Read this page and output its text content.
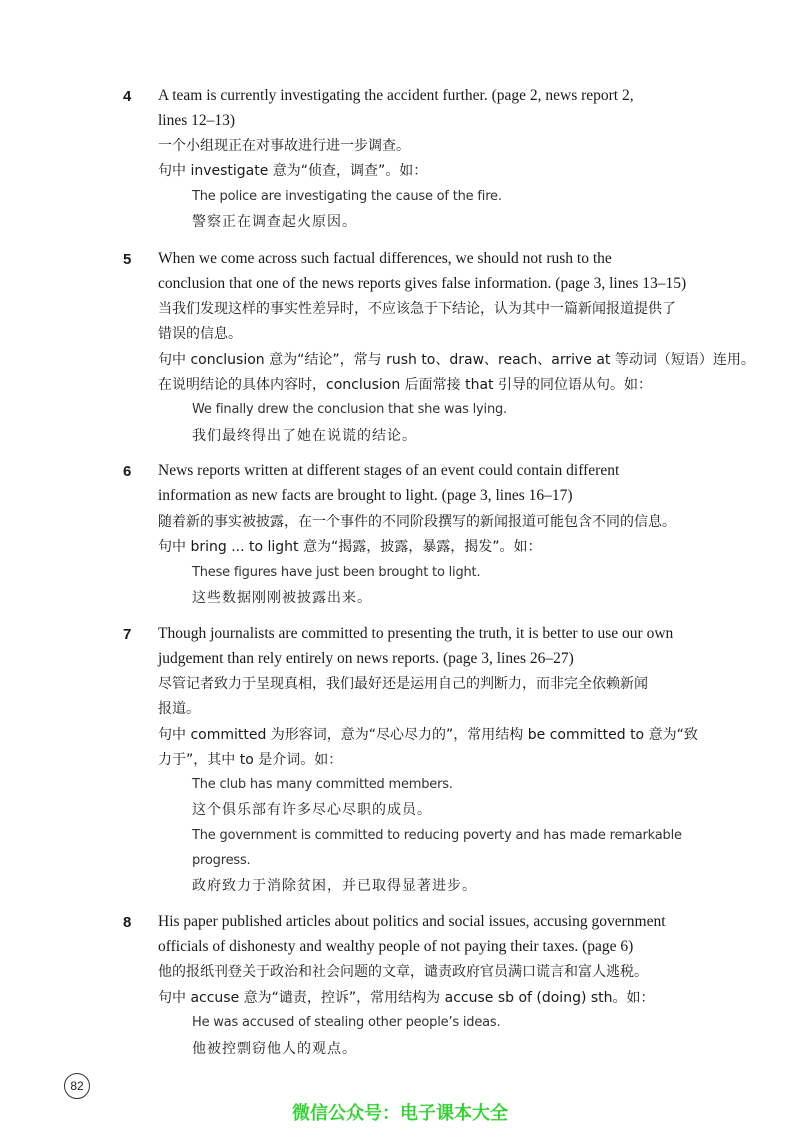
4 A team is currently investigating the accident further. (page 2, news report 2,
lines 12–13)
一个小组现正在对事故进行进一步调查。
句中 investigate 意为“侦查，调查”。如：
The police are investigating the cause of the fire.
警察正在调查起火原因。
5 When we come across such factual differences, we should not rush to the
conclusion that one of the news reports gives false information. (page 3, lines 13–15)
当我们发现这样的事实性差异时，不应该急于下结论，认为其中一篇新闻报道提供了
错误的信息。
句中 conclusion 意为“结论”，常与 rush to、draw、reach、arrive at 等动词（短语）连用。
在说明结论的具体内容时，conclusion 后面常接 that 引导的同位语从句。如：
We finally drew the conclusion that she was lying.
我们最终得出了她在说谎的结论。
6 News reports written at different stages of an event could contain different
information as new facts are brought to light. (page 3, lines 16–17)
随着新的事实被披露，在一个事件的不同阶段撰写的新闻报道可能包含不同的信息。
句中 bring ... to light 意为“揭露，披露，暴露，揭发”。如：
These figures have just been brought to light.
这些数据刚刚被披露出来。
7 Though journalists are committed to presenting the truth, it is better to use our own
judgement than rely entirely on news reports. (page 3, lines 26–27)
尽管记者致力于呈现真相，我们最好还是运用自己的判断力，而非完全依赖新闻
报道。
句中 committed 为形容词，意为“尽心尽力的”，常用结构 be committed to 意为“致
力于”，其中 to 是介词。如：
The club has many committed members.
这个俱乐部有许多尽心尽职的成员。
The government is committed to reducing poverty and has made remarkable
progress.
政府致力于消除贫困，并已取得显著进步。
8 His paper published articles about politics and social issues, accusing government
officials of dishonesty and wealthy people of not paying their taxes. (page 6)
他的报纸刊登关于政治和社会问题的文章，谴责政府官员满口谎言和富人逃税。
句中 accuse 意为“谴责，控诉”，常用结构为 accuse sb of (doing) sth。如：
He was accused of stealing other people’s ideas.
他被控剽窃他人的观点。
82
微信公众号：电子课本大全
